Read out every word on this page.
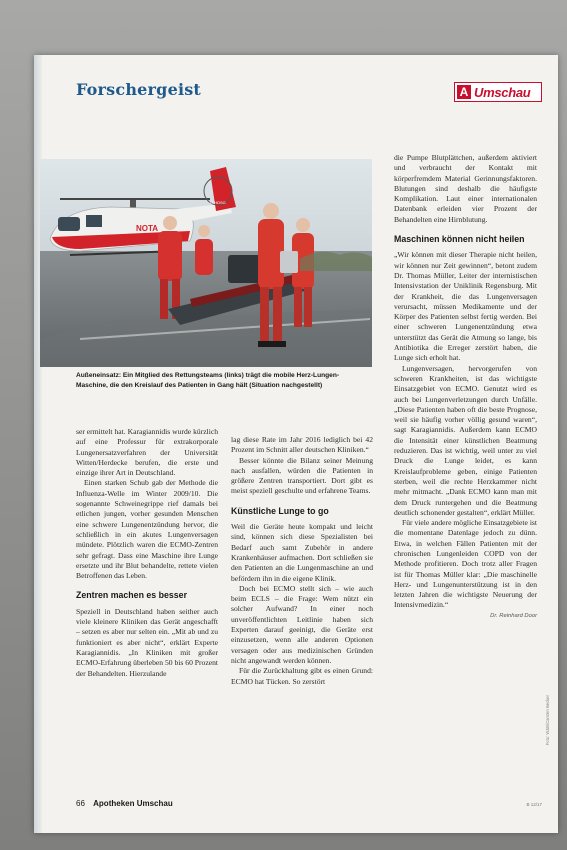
Forschergeist	A Umschau
NOTA
D-HDSG
Außeneinsatz: Ein Mitglied des Rettungsteams (links) trägt die mobile Herz-Lungen-Maschine, die den Kreislauf des Patienten in Gang hält (Situation nachgestellt)

ser ermittelt hat. Karagiannidis wurde kürzlich auf eine Professur für extrakorporale Lungenersatzverfahren der Universität Witten/Herdecke berufen, die erste und einzige ihrer Art in Deutschland.

Einen starken Schub gab der Methode die Influenza-Welle im Winter 2009/10. Die sogenannte Schweinegrippe rief damals bei etlichen jungen, vorher gesunden Menschen eine schwere Lungenentzündung hervor, die schließlich in ein akutes Lungenversagen mündete. Plötzlich waren die ECMO-Zentren sehr gefragt. Dass eine Maschine ihre Lunge ersetzte und ihr Blut behandelte, rettete vielen Betroffenen das Leben.

Zentren machen es besser

Speziell in Deutschland haben seither auch viele kleinere Kliniken das Gerät angeschafft – setzen es aber nur selten ein. „Mit ab und zu funktioniert es aber nicht“, erklärt Experte Karagiannidis. „In Kliniken mit großer ECMO-Erfahrung überleben 50 bis 60 Prozent der Behandelten. Hierzulande

lag diese Rate im Jahr 2016 lediglich bei 42 Prozent im Schnitt aller deutschen Kliniken.“

Besser könnte die Bilanz seiner Meinung nach ausfallen, würden die Patienten in größere Zentren transportiert. Dort gibt es meist speziell geschulte und erfahrene Teams.

Künstliche Lunge to go

Weil die Geräte heute kompakt und leicht sind, können sich diese Spezialisten bei Bedarf auch samt Zubehör in andere Krankenhäuser aufmachen. Dort schließen sie den Patienten an die Lungenmaschine an und befördern ihn in die eigene Klinik.

Doch bei ECMO stellt sich – wie auch beim ECLS – die Frage: Wem nützt ein solcher Aufwand? In einer noch unveröffentlichten Leitlinie haben sich Experten darauf geeinigt, die Geräte erst einzusetzen, wenn alle anderen Optionen versagen oder aus medizinischen Gründen nicht angewandt werden können.

Für die Zurückhaltung gibt es einen Grund: ECMO hat Tücken. So zerstört

die Pumpe Blutplättchen, außerdem aktiviert und verbraucht der Kontakt mit körperfremdem Material Gerinnungsfaktoren. Blutungen sind deshalb die häufigste Komplikation. Laut einer internationalen Datenbank erleiden vier Prozent der Behandelten eine Hirnblutung.

Maschinen können nicht heilen

„Wir können mit dieser Therapie nicht heilen, wir können nur Zeit gewinnen“, betont zudem Dr. Thomas Müller, Leiter der internistischen Intensivstation der Uniklinik Regensburg. Mit der Krankheit, die das Lungenversagen verursacht, müssen Medikamente und der Körper des Patienten selbst fertig werden. Bei einer schweren Lungenentzündung etwa unterstützt das Gerät die Atmung so lange, bis Antibiotika die Erreger zerstört haben, die Lunge sich erholt hat.

Lungenversagen, hervorgerufen von schweren Krankheiten, ist das wichtigste Einsatzgebiet von ECMO. Genutzt wird es auch bei Lungenverletzungen durch Unfälle. „Diese Patienten haben oft die beste Prognose, weil sie häufig vorher völlig gesund waren“, sagt Karagiannidis. Außerdem kann ECMO die Intensität einer künstlichen Beatmung reduzieren. Das ist wichtig, weil unter zu viel Druck die Lunge leidet, es kann Kreislaufprobleme geben, einige Patienten sterben, weil die rechte Herzkammer nicht mehr mitmacht. „Dank ECMO kann man mit dem Druck runtergehen und die Beatmung deutlich schonender gestalten“, erklärt Müller.

Für viele andere mögliche Einsatzgebiete ist die momentane Datenlage jedoch zu dünn. Etwa, in welchen Fällen Patienten mit der chronischen Lungenleiden COPD von der Methode profitieren. Doch trotz aller Fragen ist für Thomas Müller klar: „Die maschinelle Herz- und Lungenunterstützung ist in den letzten Jahren die wichtigste Neuerung der Intensivmedizin.“

Dr. Reinhard Door
Foto: W&B/Carsten Becker
66 Apotheken Umschau	B 12/17
